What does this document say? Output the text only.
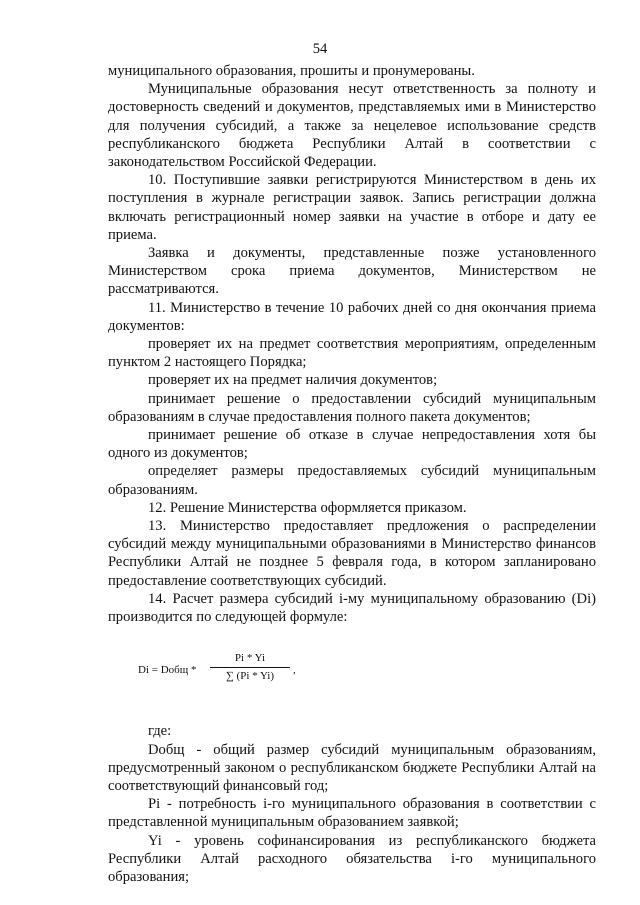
54

муниципального образования, прошиты и пронумерованы.

Муниципальные образования несут ответственность за полноту и достоверность сведений и документов, представляемых ими в Министерство для получения субсидий, а также за нецелевое использование средств республиканского бюджета Республики Алтай в соответствии с законодательством Российской Федерации.

10. Поступившие заявки регистрируются Министерством в день их поступления в журнале регистрации заявок. Запись регистрации должна включать регистрационный номер заявки на участие в отборе и дату ее приема.

Заявка и документы, представленные позже установленного Министерством срока приема документов, Министерством не рассматриваются.

11. Министерство в течение 10 рабочих дней со дня окончания приема документов:

проверяет их на предмет соответствия мероприятиям, определенным пунктом 2 настоящего Порядка;

проверяет их на предмет наличия документов;

принимает решение о предоставлении субсидий муниципальным образованиям в случае предоставления полного пакета документов;

принимает решение об отказе в случае непредоставления хотя бы одного из документов;

определяет размеры предоставляемых субсидий муниципальным образованиям.

12. Решение Министерства оформляется приказом.

13. Министерство предоставляет предложения о распределении субсидий между муниципальными образованиями в Министерство финансов Республики Алтай не позднее 5 февраля года, в котором запланировано предоставление соответствующих субсидий.

14. Расчет размера субсидий i-му муниципальному образованию (Di) производится по следующей формуле:

Di = Dобщ * $\frac{Pi * Yi}{\sum (Pi * Yi)}$ ,

где:

Dобщ - общий размер субсидий муниципальным образованиям, предусмотренный законом о республиканском бюджете Республики Алтай на соответствующий финансовый год;

Pi - потребность i-го муниципального образования в соответствии с представленной муниципальным образованием заявкой;

Yi - уровень софинансирования из республиканского бюджета Республики Алтай расходного обязательства i-го муниципального образования;
